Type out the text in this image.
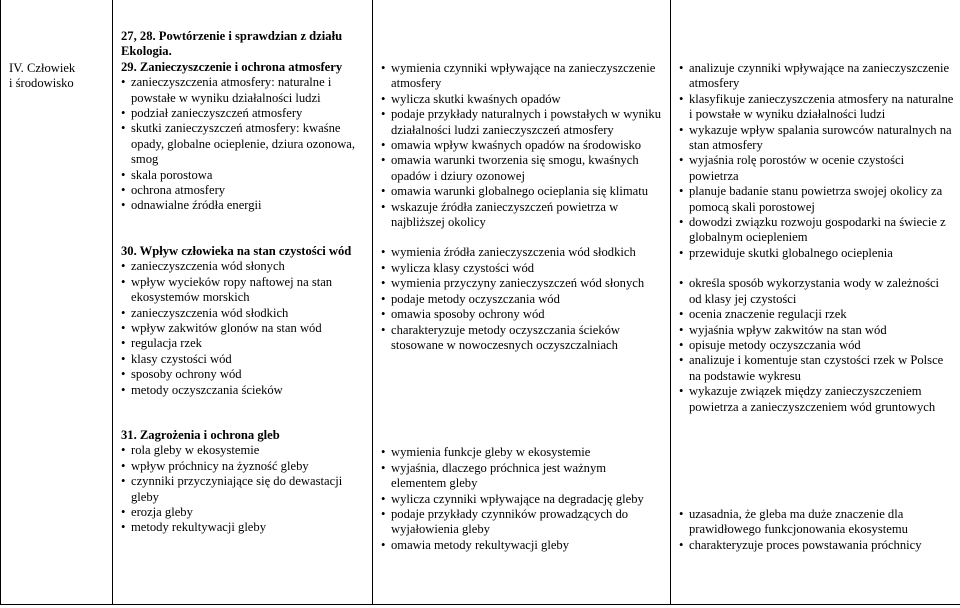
IV. Człowiek
i środowisko

27, 28. Powtórzenie i sprawdzian z działu Ekologia.
29. Zanieczyszczenie i ochrona atmosfery
• zanieczyszczenia atmosfery: naturalne i powstałe w wyniku działalności ludzi
• podział zanieczyszczeń atmosfery
• skutki zanieczyszczeń atmosfery: kwaśne opady, globalne ocieplenie, dziura ozonowa, smog
• skala porostowa
• ochrona atmosfery
• odnawialne źródła energii
30. Wpływ człowieka na stan czystości wód
• zanieczyszczenia wód słonych
• wpływ wycieków ropy naftowej na stan ekosystemów morskich
• zanieczyszczenia wód słodkich
• wpływ zakwitów glonów na stan wód
• regulacja rzek
• klasy czystości wód
• sposoby ochrony wód
• metody oczyszczania ścieków
31. Zagrożenia i ochrona gleb
• rola gleby w ekosystemie
• wpływ próchnicy na żyzność gleby
• czynniki przyczyniające się do dewastacji gleby
• erozja gleby
• metody rekultywacji gleby

• wymienia czynniki wpływające na zanieczyszczenie atmosfery
• wylicza skutki kwaśnych opadów
• podaje przykłady naturalnych i powstałych w wyniku działalności ludzi zanieczyszczeń atmosfery
• omawia wpływ kwaśnych opadów na środowisko
• omawia warunki tworzenia się smogu, kwaśnych opadów i dziury ozonowej
• omawia warunki globalnego ocieplania się klimatu
• wskazuje źródła zanieczyszczeń powietrza w najbliższej okolicy
• wymienia źródła zanieczyszczenia wód słodkich
• wylicza klasy czystości wód
• wymienia przyczyny zanieczyszczeń wód słonych
• podaje metody oczyszczania wód
• omawia sposoby ochrony wód
• charakteryzuje metody oczyszczania ścieków stosowane w nowoczesnych oczyszczalniach
• wymienia funkcje gleby w ekosystemie
• wyjaśnia, dlaczego próchnica jest ważnym elementem gleby
• wylicza czynniki wpływające na degradację gleby
• podaje przykłady czynników prowadzących do wyjałowienia gleby
• omawia metody rekultywacji gleby

• analizuje czynniki wpływające na zanieczyszczenie atmosfery
• klasyfikuje zanieczyszczenia atmosfery na naturalne i powstałe w wyniku działalności ludzi
• wykazuje wpływ spalania surowców naturalnych na stan atmosfery
• wyjaśnia rolę porostów w ocenie czystości powietrza
• planuje badanie stanu powietrza swojej okolicy za pomocą skali porostowej
• dowodzi związku rozwoju gospodarki na świecie z globalnym ociepleniem
• przewiduje skutki globalnego ocieplenia
• określa sposób wykorzystania wody w zależności od klasy jej czystości
• ocenia znaczenie regulacji rzek
• wyjaśnia wpływ zakwitów na stan wód
• opisuje metody oczyszczania wód
• analizuje i komentuje stan czystości rzek w Polsce na podstawie wykresu
• wykazuje związek między zanieczyszczeniem powietrza a zanieczyszczeniem wód gruntowych
• uzasadnia, że gleba ma duże znaczenie dla prawidłowego funkcjonowania ekosystemu
• charakteryzuje proces powstawania próchnicy
